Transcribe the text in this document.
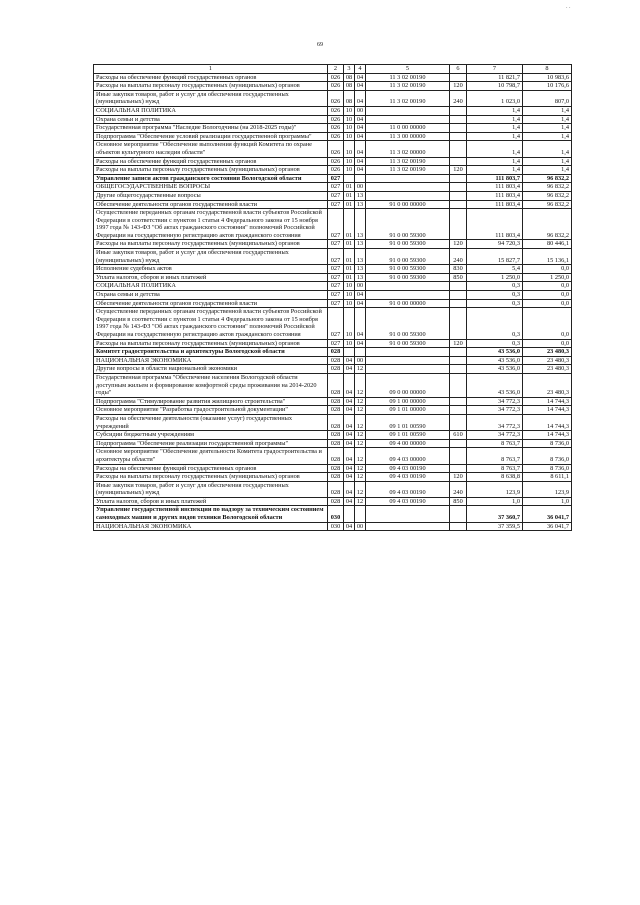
69
1	2	3	4	5	6	7	8
Расходы на обеспечение функций государственных органов	026	08	04	11 3 02 00190		11 821,7	10 983,6
Расходы на выплаты персоналу государственных (муниципальных) органов	026	08	04	11 3 02 00190	120	10 798,7	10 176,6
Иные закупки товаров, работ и услуг для обеспечения государственных (муниципальных) нужд	026	08	04	11 3 02 00190	240	1 023,0	807,0
СОЦИАЛЬНАЯ ПОЛИТИКА	026	10	00			1,4	1,4
Охрана семьи и детства	026	10	04			1,4	1,4
Государственная программа "Наследие Вологодчины (на 2018-2025 годы)"	026	10	04	11 0 00 00000		1,4	1,4
Подпрограмма "Обеспечение условий реализации государственной программы"	026	10	04	11 3 00 00000		1,4	1,4
Основное мероприятие "Обеспечение выполнения функций Комитета по охране объектов культурного наследия области"	026	10	04	11 3 02 00000		1,4	1,4
Расходы на обеспечение функций государственных органов	026	10	04	11 3 02 00190		1,4	1,4
Расходы на выплаты персоналу государственных (муниципальных) органов	026	10	04	11 3 02 00190	120	1,4	1,4
Управление записи актов гражданского состояния Вологодской области	027					111 803,7	96 832,2
ОБЩЕГОСУДАРСТВЕННЫЕ ВОПРОСЫ	027	01	00			111 803,4	96 832,2
Другие общегосударственные вопросы	027	01	13			111 803,4	96 832,2
Обеспечение деятельности органов государственной власти	027	01	13	91 0 00 00000		111 803,4	96 832,2
Осуществление переданных органам государственной власти субъектов Российской Федерации в соответствии с пунктом 1 статьи 4 Федерального закона от 15 ноября 1997 года № 143-ФЗ "Об актах гражданского состояния" полномочий Российской Федерации на государственную регистрацию актов гражданского состояния	027	01	13	91 0 00 59300		111 803,4	96 832,2
Расходы на выплаты персоналу государственных (муниципальных) органов	027	01	13	91 0 00 59300	120	94 720,3	80 446,1
Иные закупки товаров, работ и услуг для обеспечения государственных (муниципальных) нужд	027	01	13	91 0 00 59300	240	15 827,7	15 136,1
Исполнение судебных актов	027	01	13	91 0 00 59300	830	5,4	0,0
Уплата налогов, сборов и иных платежей	027	01	13	91 0 00 59300	850	1 250,0	1 250,0
СОЦИАЛЬНАЯ ПОЛИТИКА	027	10	00			0,3	0,0
Охрана семьи и детства	027	10	04			0,3	0,0
Обеспечение деятельности органов государственной власти	027	10	04	91 0 00 00000		0,3	0,0
Осуществление переданных органам государственной власти субъектов Российской Федерации в соответствии с пунктом 1 статьи 4 Федерального закона от 15 ноября 1997 года № 143-ФЗ "Об актах гражданского состояния" полномочий Российской Федерации на государственную регистрацию актов гражданского состояния	027	10	04	91 0 00 59300		0,3	0,0
Расходы на выплаты персоналу государственных (муниципальных) органов	027	10	04	91 0 00 59300	120	0,3	0,0
Комитет градостроительства и архитектуры Вологодской области	028					43 536,0	23 480,3
НАЦИОНАЛЬНАЯ ЭКОНОМИКА	028	04	00			43 536,0	23 480,3
Другие вопросы в области национальной экономики	028	04	12			43 536,0	23 480,3
Государственная программа "Обеспечение населения Вологодской области доступным жильем и формирование комфортной среды проживания на 2014-2020 годы"	028	04	12	09 0 00 00000		43 536,0	23 480,3
Подпрограмма "Стимулирование развития жилищного строительства"	028	04	12	09 1 00 00000		34 772,3	14 744,3
Основное мероприятие "Разработка градостроительной документации"	028	04	12	09 1 01 00000		34 772,3	14 744,3
Расходы на обеспечение деятельности (оказание услуг) государственных учреждений	028	04	12	09 1 01 00590		34 772,3	14 744,3
Субсидии бюджетным учреждениям	028	04	12	09 1 01 00590	610	34 772,3	14 744,3
Подпрограмма "Обеспечение реализации государственной программы"	028	04	12	09 4 00 00000		8 763,7	8 736,0
Основное мероприятие "Обеспечение деятельности Комитета градостроительства и архитектуры области"	028	04	12	09 4 03 00000		8 763,7	8 736,0
Расходы на обеспечение функций государственных органов	028	04	12	09 4 03 00190		8 763,7	8 736,0
Расходы на выплаты персоналу государственных (муниципальных) органов	028	04	12	09 4 03 00190	120	8 638,8	8 611,1
Иные закупки товаров, работ и услуг для обеспечения государственных (муниципальных) нужд	028	04	12	09 4 03 00190	240	123,9	123,9
Уплата налогов, сборов и иных платежей	028	04	12	09 4 03 00190	850	1,0	1,0
Управление государственной инспекции по надзору за техническим состоянием самоходных машин и других видов техники Вологодской области	030					37 360,7	36 041,7
НАЦИОНАЛЬНАЯ ЭКОНОМИКА	030	04	00			37 359,5	36 041,7
. .
